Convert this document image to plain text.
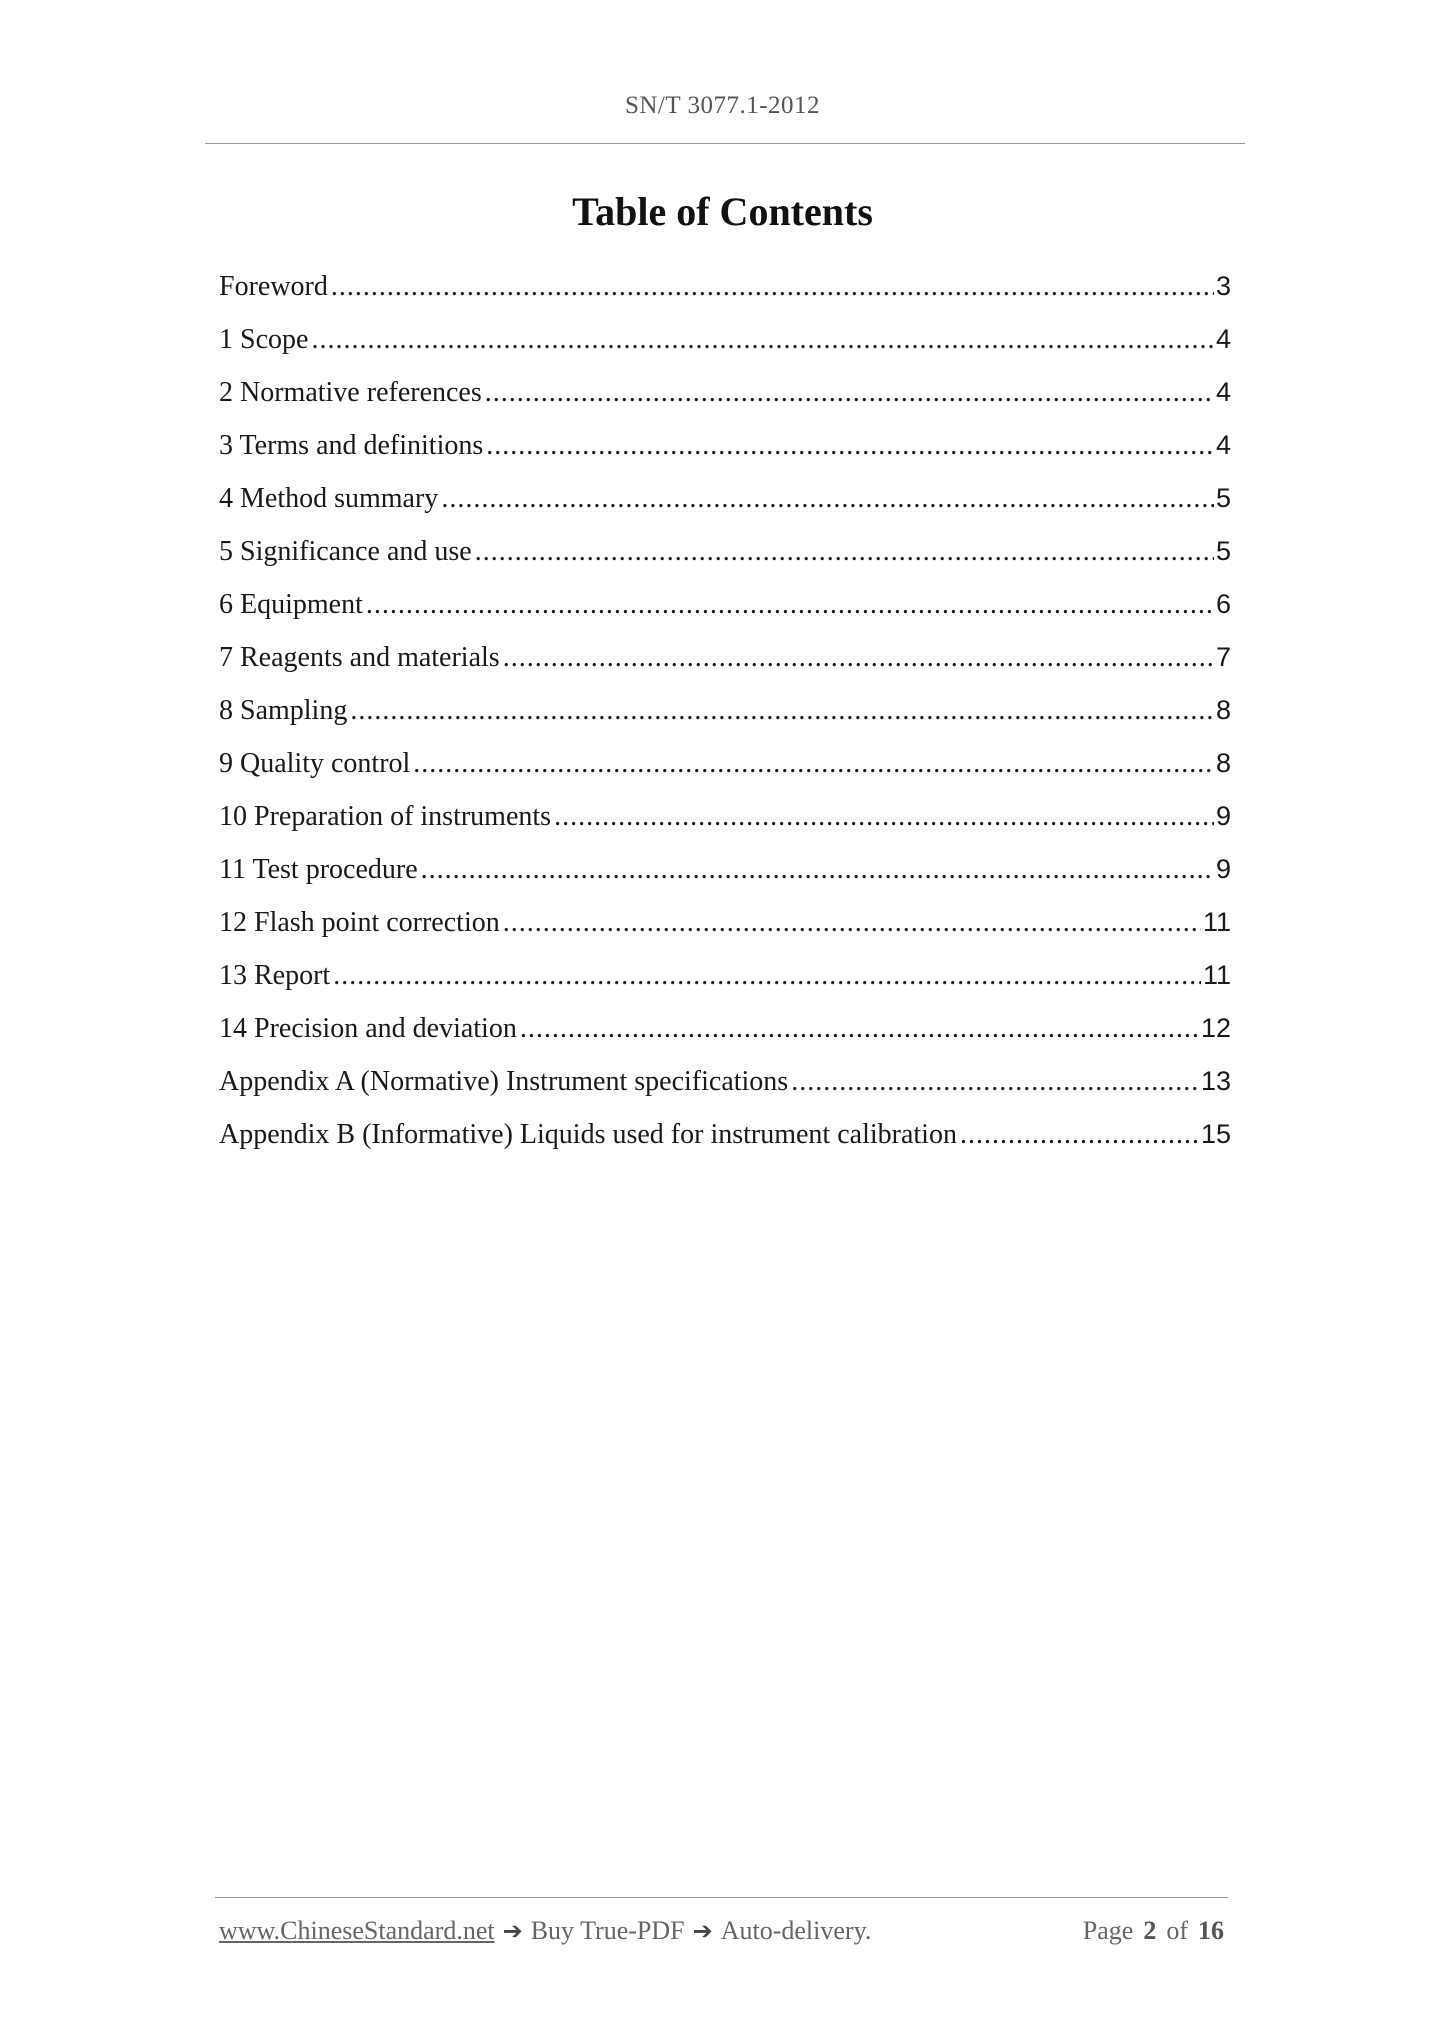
SN/T 3077.1-2012
Table of Contents
Foreword .....	3
1 Scope .....	4
2 Normative references .....	4
3 Terms and definitions .....	4
4 Method summary .....	5
5 Significance and use .....	5
6 Equipment .....	6
7 Reagents and materials .....	7
8 Sampling .....	8
9 Quality control .....	8
10 Preparation of instruments .....	9
11 Test procedure .....	9
12 Flash point correction .....	11
13 Report .....	11
14 Precision and deviation .....	12
Appendix A (Normative) Instrument specifications .....	13
Appendix B (Informative) Liquids used for instrument calibration .....	15
www.ChineseStandard.net ➔ Buy True-PDF ➔ Auto-delivery.	Page 2 of 16
